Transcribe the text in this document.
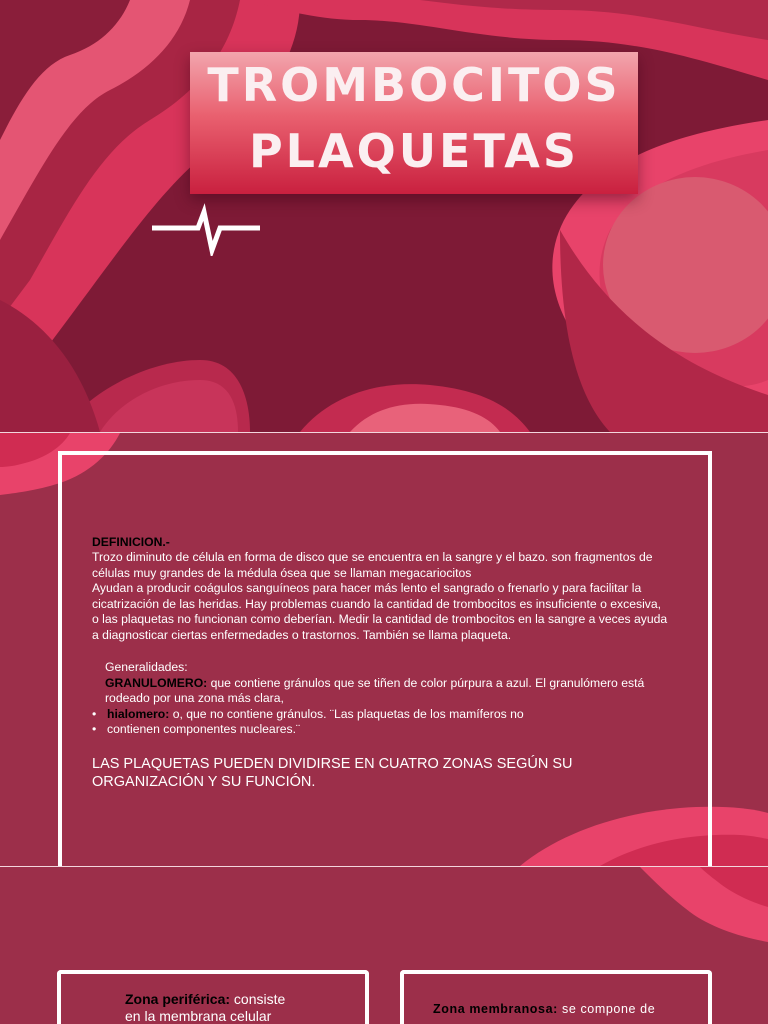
TROMBOCITOS
PLAQUETAS
DEFINICION.-
Trozo diminuto de célula en forma de disco que se encuentra en la sangre y el bazo. son fragmentos de
células muy grandes de la médula ósea que se llaman megacariocitos
Ayudan a producir coágulos sanguíneos para hacer más lento el sangrado o frenarlo y para facilitar la
cicatrización de las heridas. Hay problemas cuando la cantidad de trombocitos es insuficiente o excesiva,
o las plaquetas no funcionan como deberían. Medir la cantidad de trombocitos en la sangre a veces ayuda
a diagnosticar ciertas enfermedades o trastornos. También se llama plaqueta.
Generalidades:
GRANULOMERO: que contiene gránulos que se tiñen de color púrpura a azul. El granulómero está
rodeado por una zona más clara,
• hialomero: o, que no contiene gránulos. ¨Las plaquetas de los mamíferos no
• contienen componentes nucleares.¨
LAS PLAQUETAS PUEDEN DIVIDIRSE EN CUATRO ZONAS SEGÚN SU
ORGANIZACIÓN Y SU FUNCIÓN.
Zona periférica: consiste
en la membrana celular	Zona membranosa: se compone de
